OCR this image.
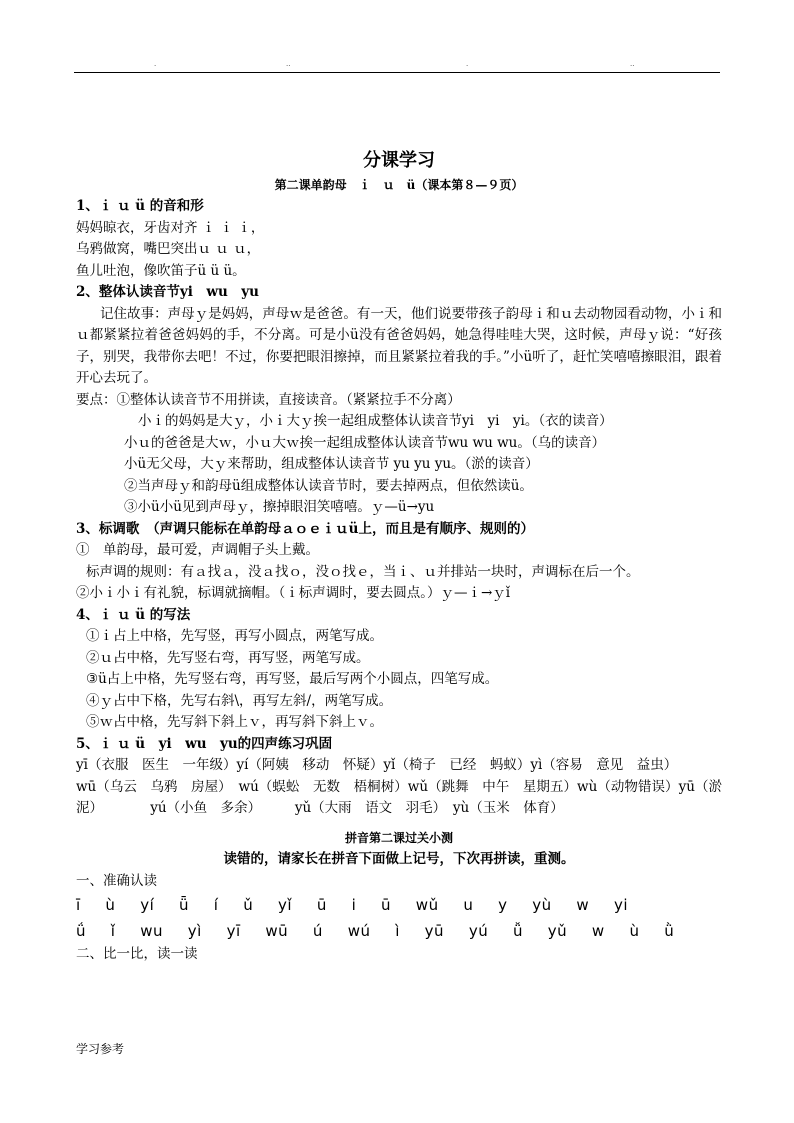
.	..	.	..
分课学习
第二课单韵母　ｉ　ｕ　ü（课本第８—９页）
1、ｉ ｕ ü 的音和形
妈妈晾衣，牙齿对齐 ｉ ｉ ｉ，
乌鸦做窝，嘴巴突出ｕ ｕ ｕ，
鱼儿吐泡，像吹笛子ü ü ü。
2、整体认读音节yi　wu　yu
记住故事：声母ｙ是妈妈，声母ｗ是爸爸。有一天，他们说要带孩子韵母ｉ和ｕ去动物园看动物，小ｉ和ｕ都紧紧拉着爸爸妈妈的手，不分离。可是小ü没有爸爸妈妈，她急得哇哇大哭，这时候，声母ｙ说：“好孩子，别哭，我带你去吧！不过，你要把眼泪擦掉，而且紧紧拉着我的手。”小ü听了，赶忙笑嘻嘻擦眼泪，跟着开心去玩了。
要点：①整体认读音节不用拼读，直接读音。（紧紧拉手不分离）
小ｉ的妈妈是大ｙ，小ｉ大ｙ挨一起组成整体认读音节yi　yi　yi。（衣的读音）
小ｕ的爸爸是大ｗ，小ｕ大ｗ挨一起组成整体认读音节wu wu wu。（乌的读音）
小ü无父母，大ｙ来帮助，组成整体认读音节 yu yu yu。（淤的读音）
②当声母ｙ和韵母ü组成整体认读音节时，要去掉两点，但依然读ü。
③小ü小ü见到声母ｙ，擦掉眼泪笑嘻嘻。ｙ—ü→yu
3、标调歌　（声调只能标在单韵母ａｏｅｉｕü上，而且是有顺序、规则的）
①　单韵母，最可爱，声调帽子头上戴。
标声调的规则：有ａ找ａ，没ａ找ｏ，没ｏ找ｅ，当ｉ、ｕ并排站一块时，声调标在后一个。
②小ｉ小ｉ有礼貌，标调就摘帽。（ｉ标声调时，要去圆点。）ｙ—ｉ→ｙǐ
4、ｉ ｕ ü 的写法
①ｉ占上中格，先写竖，再写小圆点，两笔写成。
②ｕ占中格，先写竖右弯，再写竖，两笔写成。
③ü占上中格，先写竖右弯，再写竖，最后写两个小圆点，四笔写成。
④ｙ占中下格，先写右斜\，再写左斜/，两笔写成。
⑤ｗ占中格，先写斜下斜上ｖ，再写斜下斜上ｖ。
5、ｉ ｕ ü　yi　wu　yu的四声练习巩固
yī（衣服　医生　一年级）yí（阿姨　移动　怀疑）yǐ（椅子　已经　蚂蚁）yì（容易　意见　益虫）
wū（乌云　乌鸦　房屋）　wú（蜈蚣　无数　梧桐树）wǔ（跳舞　中午　星期五）wù（动物错误）yū（淤泥）　　　　yú（小鱼　多余）　　　yǔ（大雨　语文　羽毛）　yù（玉米　体育）
拼音第二课过关小测
读错的，请家长在拼音下面做上记号，下次再拼读，重测。
一、准确认读
ī　 ù　 yí　 ǖ　 í　 ǔ　 yǐ　 ū　 i　 ū　 wǔ　 u　 y　 yù　 w　 yi
ǘ　 ǐ　 wu　 yì　 yī　 wū　 ú　 wú　 ì　 yū　 yú　 ǚ　 yǔ　 w　 ù　 ǜ
二、比一比，读一读
学习参考
